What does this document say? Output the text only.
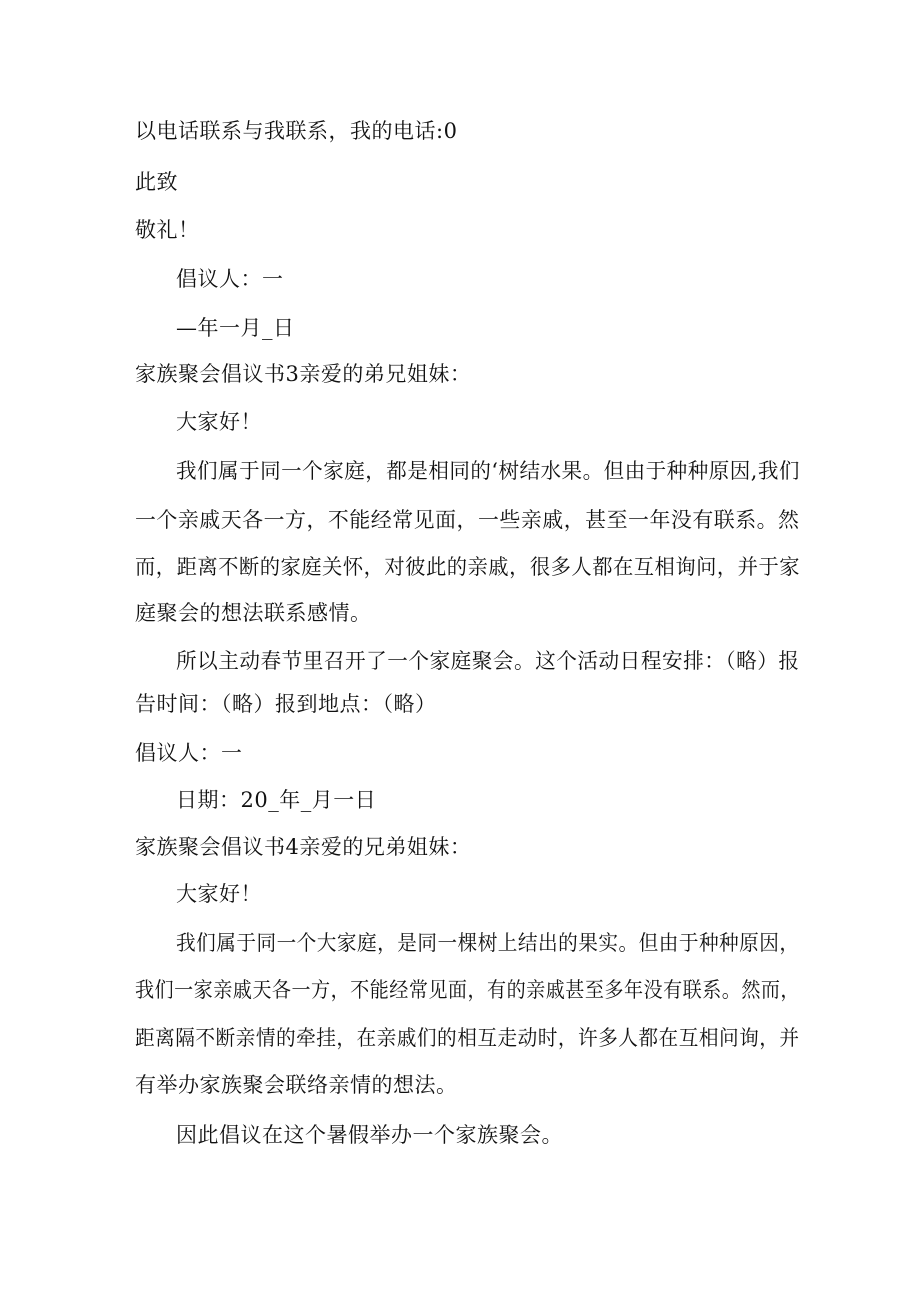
以电话联系与我联系，我的电话:0
此致
敬礼！
倡议人：一
—年一月_日
家族聚会倡议书3亲爱的弟兄姐妹：
大家好！
我们属于同一个家庭，都是相同的‘树结水果。但由于种种原因,我们
一个亲戚天各一方，不能经常见面，一些亲戚，甚至一年没有联系。然
而，距离不断的家庭关怀，对彼此的亲戚，很多人都在互相询问，并于家
庭聚会的想法联系感情。
所以主动春节里召开了一个家庭聚会。这个活动日程安排：（略）报
告时间：（略）报到地点：（略）
倡议人：一
日期：20_年_月一日
家族聚会倡议书4亲爱的兄弟姐妹：
大家好！
我们属于同一个大家庭，是同一棵树上结出的果实。但由于种种原因，
我们一家亲戚天各一方，不能经常见面，有的亲戚甚至多年没有联系。然而，
距离隔不断亲情的牵挂，在亲戚们的相互走动时，许多人都在互相问询，并
有举办家族聚会联络亲情的想法。
因此倡议在这个暑假举办一个家族聚会。
